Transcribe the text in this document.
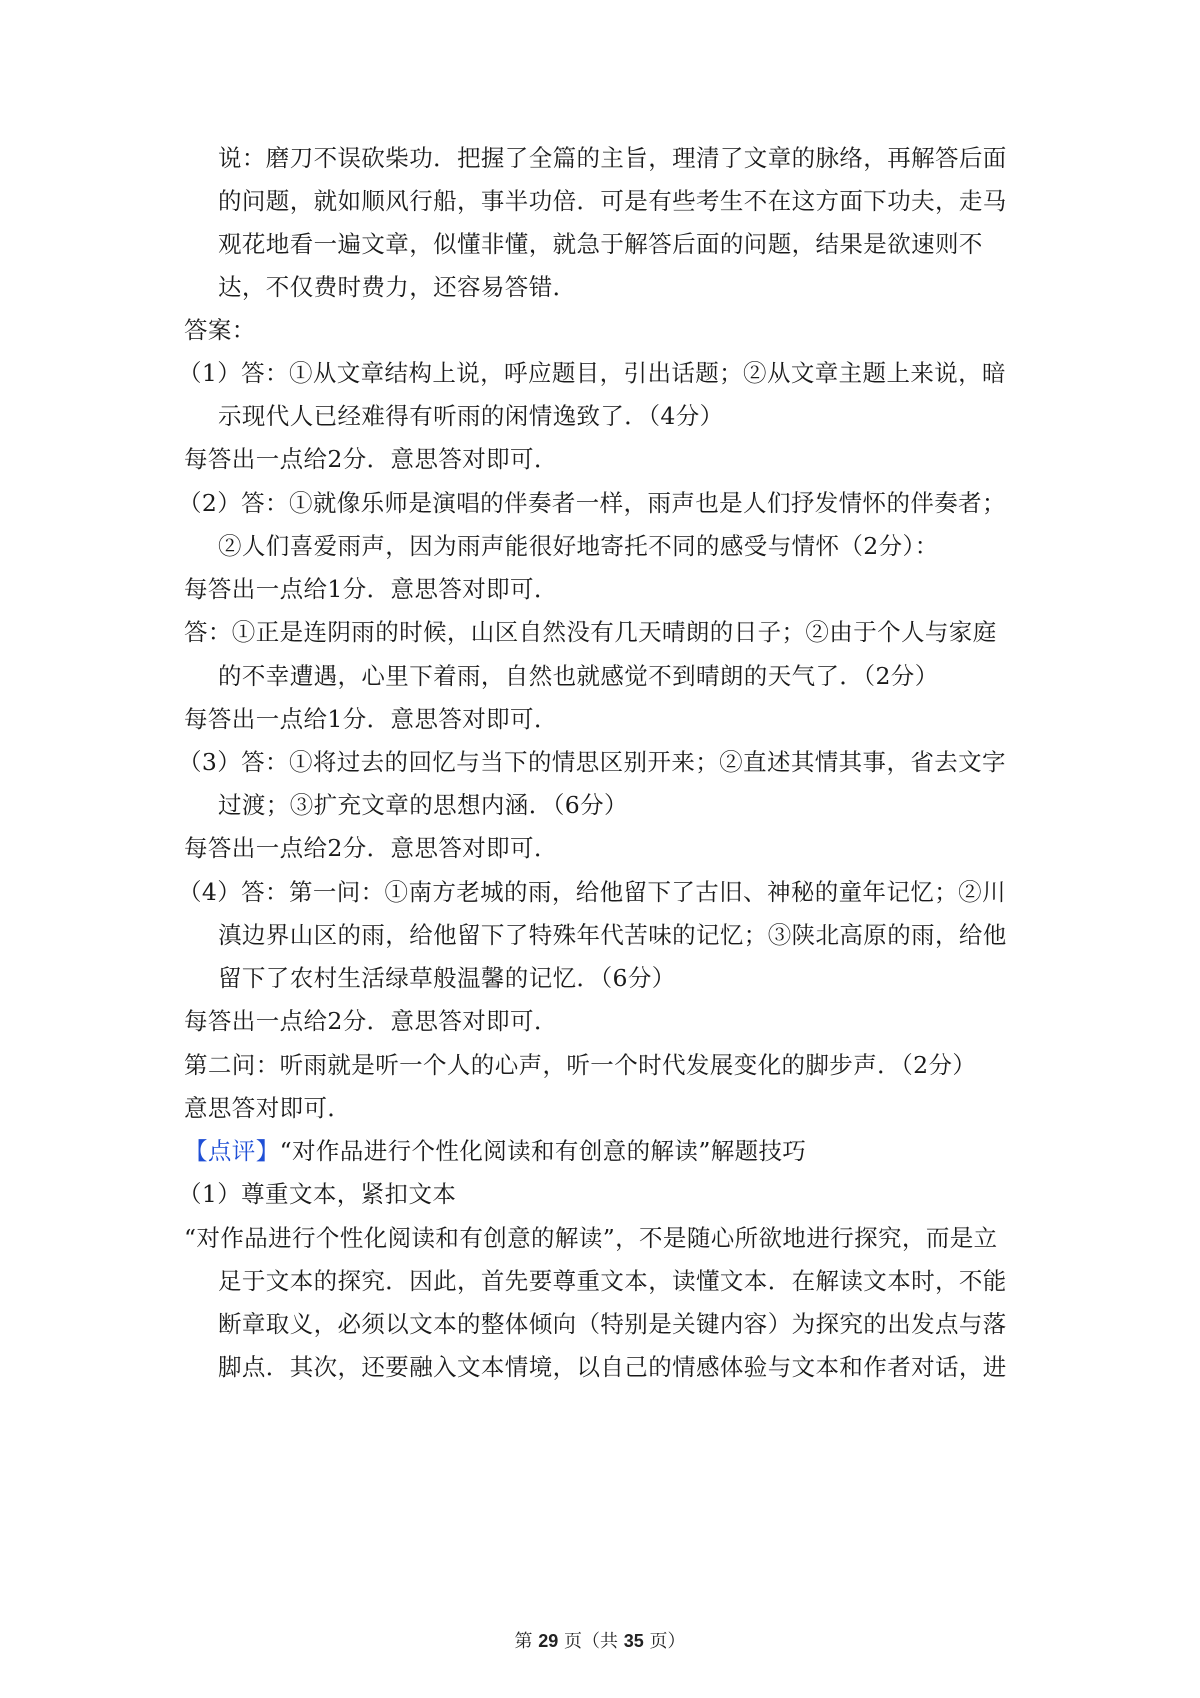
说：磨刀不误砍柴功．把握了全篇的主旨，理清了文章的脉络，再解答后面
的问题，就如顺风行船，事半功倍．可是有些考生不在这方面下功夫，走马
观花地看一遍文章，似懂非懂，就急于解答后面的问题，结果是欲速则不
达，不仅费时费力，还容易答错．
答案：
（1）答：①从文章结构上说，呼应题目，引出话题；②从文章主题上来说，暗
示现代人已经难得有听雨的闲情逸致了．（4分）
每答出一点给2分．意思答对即可．
（2）答：①就像乐师是演唱的伴奏者一样，雨声也是人们抒发情怀的伴奏者；
②人们喜爱雨声，因为雨声能很好地寄托不同的感受与情怀（2分）：
每答出一点给1分．意思答对即可．
答：①正是连阴雨的时候，山区自然没有几天晴朗的日子；②由于个人与家庭
的不幸遭遇，心里下着雨，自然也就感觉不到晴朗的天气了．（2分）
每答出一点给1分．意思答对即可．
（3）答：①将过去的回忆与当下的情思区别开来；②直述其情其事，省去文字
过渡；③扩充文章的思想内涵．（6分）
每答出一点给2分．意思答对即可．
（4）答：第一问：①南方老城的雨，给他留下了古旧、神秘的童年记忆；②川
滇边界山区的雨，给他留下了特殊年代苦味的记忆；③陕北高原的雨，给他
留下了农村生活绿草般温馨的记忆．（6分）
每答出一点给2分．意思答对即可．
第二问：听雨就是听一个人的心声，听一个时代发展变化的脚步声．（2分）
意思答对即可．
【点评】“对作品进行个性化阅读和有创意的解读”解题技巧
（1）尊重文本，紧扣文本
“对作品进行个性化阅读和有创意的解读”，不是随心所欲地进行探究，而是立
足于文本的探究．因此，首先要尊重文本，读懂文本．在解读文本时，不能
断章取义，必须以文本的整体倾向（特别是关键内容）为探究的出发点与落
脚点．其次，还要融入文本情境，以自己的情感体验与文本和作者对话，进
第 29 页（共 35 页）
